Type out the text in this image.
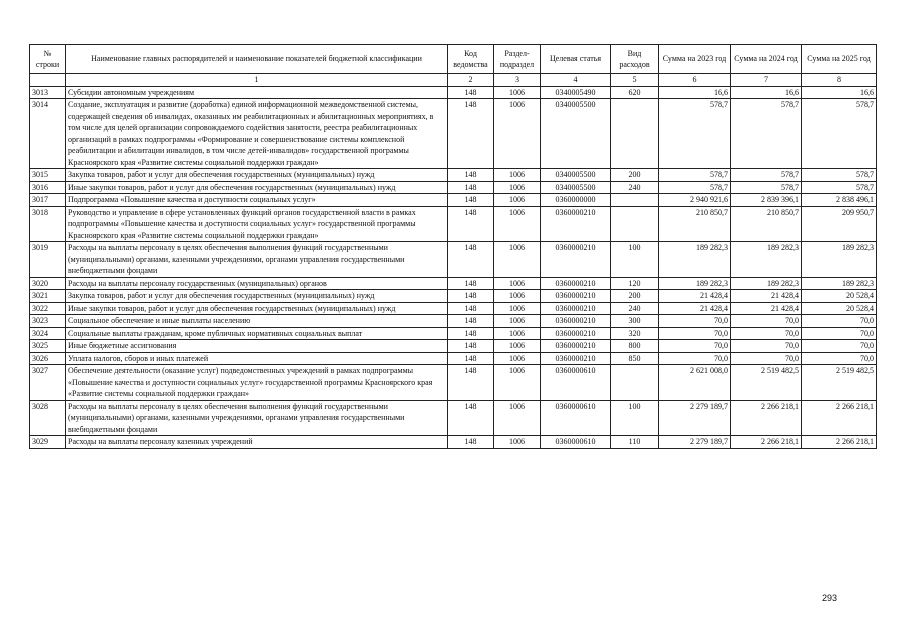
№ строки	Наименование главных распорядителей и наименование показателей бюджетной классификации	Код ведомства	Раздел-подраздел	Целевая статья	Вид расходов	Сумма на 2023 год	Сумма на 2024 год	Сумма на 2025 год
	1	2	3	4	5	6	7	8
3013	Субсидии автономным учреждениям	148	1006	0340005490	620	16,6	16,6	16,6
3014	Создание, эксплуатация и развитие (доработка) единой информационной межведомственной системы, содержащей сведения об инвалидах, оказанных им реабилитационных и абилитационных мероприятиях, в том числе для целей организации сопровождаемого содействия занятости, реестра реабилитационных организаций в рамках подпрограммы «Формирование и совершенствование системы комплексной реабилитации и абилитации инвалидов, в том числе детей-инвалидов» государственной программы Красноярского края «Развитие системы социальной поддержки граждан»	148	1006	0340005500		578,7	578,7	578,7
3015	Закупка товаров, работ и услуг для обеспечения государственных (муниципальных) нужд	148	1006	0340005500	200	578,7	578,7	578,7
3016	Иные закупки товаров, работ и услуг для обеспечения государственных (муниципальных) нужд	148	1006	0340005500	240	578,7	578,7	578,7
3017	Подпрограмма «Повышение качества и доступности социальных услуг»	148	1006	0360000000		2 940 921,6	2 839 396,1	2 838 496,1
3018	Руководство и управление в сфере установленных функций органов государственной власти в рамках подпрограммы «Повышение качества и доступности социальных услуг» государственной программы Красноярского края «Развитие системы социальной поддержки граждан»	148	1006	0360000210		210 850,7	210 850,7	209 950,7
3019	Расходы на выплаты персоналу в целях обеспечения выполнения функций государственными (муниципальными) органами, казенными учреждениями, органами управления государственными внебюджетными фондами	148	1006	0360000210	100	189 282,3	189 282,3	189 282,3
3020	Расходы на выплаты персоналу государственных (муниципальных) органов	148	1006	0360000210	120	189 282,3	189 282,3	189 282,3
3021	Закупка товаров, работ и услуг для обеспечения государственных (муниципальных) нужд	148	1006	0360000210	200	21 428,4	21 428,4	20 528,4
3022	Иные закупки товаров, работ и услуг для обеспечения государственных (муниципальных) нужд	148	1006	0360000210	240	21 428,4	21 428,4	20 528,4
3023	Социальное обеспечение и иные выплаты населению	148	1006	0360000210	300	70,0	70,0	70,0
3024	Социальные выплаты гражданам, кроме публичных нормативных социальных выплат	148	1006	0360000210	320	70,0	70,0	70,0
3025	Иные бюджетные ассигнования	148	1006	0360000210	800	70,0	70,0	70,0
3026	Уплата налогов, сборов и иных платежей	148	1006	0360000210	850	70,0	70,0	70,0
3027	Обеспечение деятельности (оказание услуг) подведомственных учреждений в рамках подпрограммы «Повышение качества и доступности социальных услуг» государственной программы Красноярского края «Развитие системы социальной поддержки граждан»	148	1006	0360000610		2 621 008,0	2 519 482,5	2 519 482,5
3028	Расходы на выплаты персоналу в целях обеспечения выполнения функций государственными (муниципальными) органами, казенными учреждениями, органами управления государственными внебюджетными фондами	148	1006	0360000610	100	2 279 189,7	2 266 218,1	2 266 218,1
3029	Расходы на выплаты персоналу казенных учреждений	148	1006	0360000610	110	2 279 189,7	2 266 218,1	2 266 218,1
293
